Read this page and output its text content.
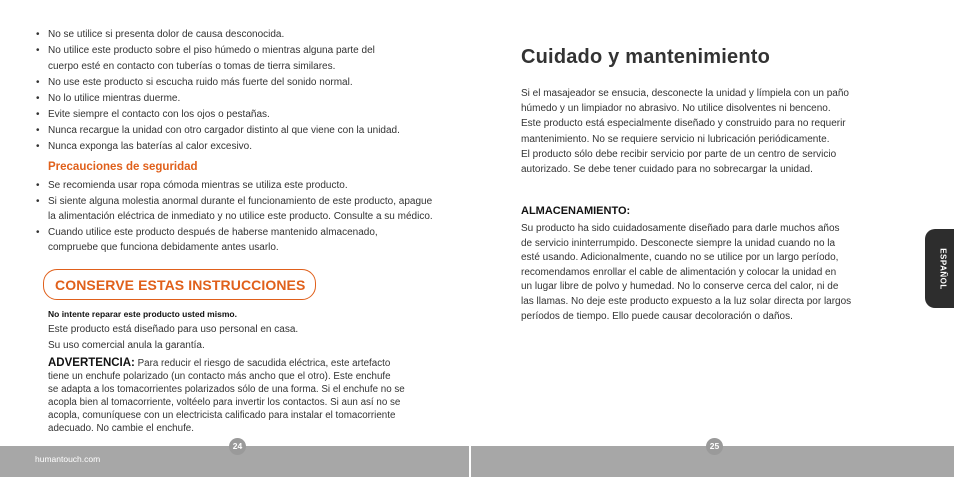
• No se utilice si presenta dolor de causa desconocida.
• No utilice este producto sobre el piso húmedo o mientras alguna parte del
cuerpo esté en contacto con tuberías o tomas de tierra similares.
• No use este producto si escucha ruido más fuerte del sonido normal.
• No lo utilice mientras duerme.
• Evite siempre el contacto con los ojos o pestañas.
• Nunca recargue la unidad con otro cargador distinto al que viene con la unidad.
• Nunca exponga las baterías al calor excesivo.
Precauciones de seguridad
• Se recomienda usar ropa cómoda mientras se utiliza este producto.
• Si siente alguna molestia anormal durante el funcionamiento de este producto, apague
la alimentación eléctrica de inmediato y no utilice este producto. Consulte a su médico.
• Cuando utilice este producto después de haberse mantenido almacenado,
compruebe que funciona debidamente antes usarlo.
CONSERVE ESTAS INSTRUCCIONES
No intente reparar este producto usted mismo.
Este producto está diseñado para uso personal en casa.
Su uso comercial anula la garantía.
ADVERTENCIA: Para reducir el riesgo de sacudida eléctrica, este artefacto
tiene un enchufe polarizado (un contacto más ancho que el otro). Este enchufe
se adapta a los tomacorrientes polarizados sólo de una forma. Si el enchufe no se
acopla bien al tomacorriente, voltéelo para invertir los contactos. Si aun así no se
acopla, comuníquese con un electricista calificado para instalar el tomacorriente
adecuado. No cambie el enchufe.
Cuidado y mantenimiento
Si el masajeador se ensucia, desconecte la unidad y límpiela con un paño
húmedo y un limpiador no abrasivo. No utilice disolventes ni benceno.
Este producto está especialmente diseñado y construido para no requerir
mantenimiento. No se requiere servicio ni lubricación periódicamente.
El producto sólo debe recibir servicio por parte de un centro de servicio
autorizado. Se debe tener cuidado para no sobrecargar la unidad.
ALMACENAMIENTO:
Su producto ha sido cuidadosamente diseñado para darle muchos años
de servicio ininterrumpido. Desconecte siempre la unidad cuando no la
esté usando. Adicionalmente, cuando no se utilice por un largo período,
recomendamos enrollar el cable de alimentación y colocar la unidad en
un lugar libre de polvo y humedad. No lo conserve cerca del calor, ni de
las llamas. No deje este producto expuesto a la luz solar directa por largos
períodos de tiempo. Ello puede causar decoloración o daños.
ESPAÑOL
humantouch.com
24	25
